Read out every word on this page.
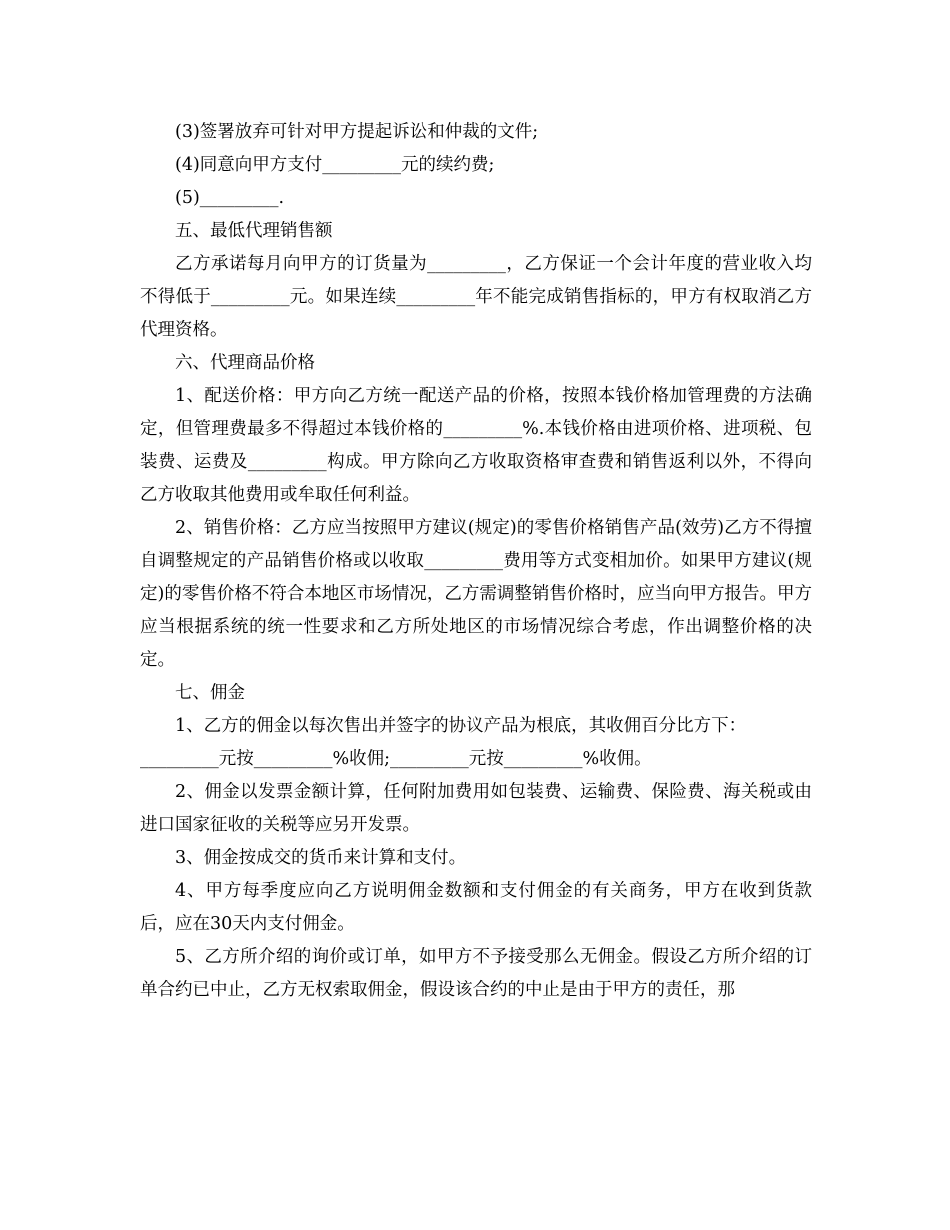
(3)签署放弃可针对甲方提起诉讼和仲裁的文件;

(4)同意向甲方支付_________元的续约费;

(5)_________.

五、最低代理销售额

乙方承诺每月向甲方的订货量为_________，乙方保证一个会计年度的营业收入均不得低于_________元。如果连续_________年不能完成销售指标的，甲方有权取消乙方代理资格。

六、代理商品价格

1、配送价格：甲方向乙方统一配送产品的价格，按照本钱价格加管理费的方法确定，但管理费最多不得超过本钱价格的_________%.本钱价格由进项价格、进项税、包装费、运费及_________构成。甲方除向乙方收取资格审查费和销售返利以外，不得向乙方收取其他费用或牟取任何利益。

2、销售价格：乙方应当按照甲方建议(规定)的零售价格销售产品(效劳)乙方不得擅自调整规定的产品销售价格或以收取_________费用等方式变相加价。如果甲方建议(规定)的零售价格不符合本地区市场情况，乙方需调整销售价格时，应当向甲方报告。甲方应当根据系统的统一性要求和乙方所处地区的市场情况综合考虑，作出调整价格的决定。

七、佣金

1、乙方的佣金以每次售出并签字的协议产品为根底，其收佣百分比方下：

_________元按_________%收佣;_________元按_________%收佣。

2、佣金以发票金额计算，任何附加费用如包装费、运输费、保险费、海关税或由进口国家征收的关税等应另开发票。

3、佣金按成交的货币来计算和支付。

4、甲方每季度应向乙方说明佣金数额和支付佣金的有关商务，甲方在收到货款后，应在30天内支付佣金。

5、乙方所介绍的询价或订单，如甲方不予接受那么无佣金。假设乙方所介绍的订单合约已中止，乙方无权索取佣金，假设该合约的中止是由于甲方的责任，那
